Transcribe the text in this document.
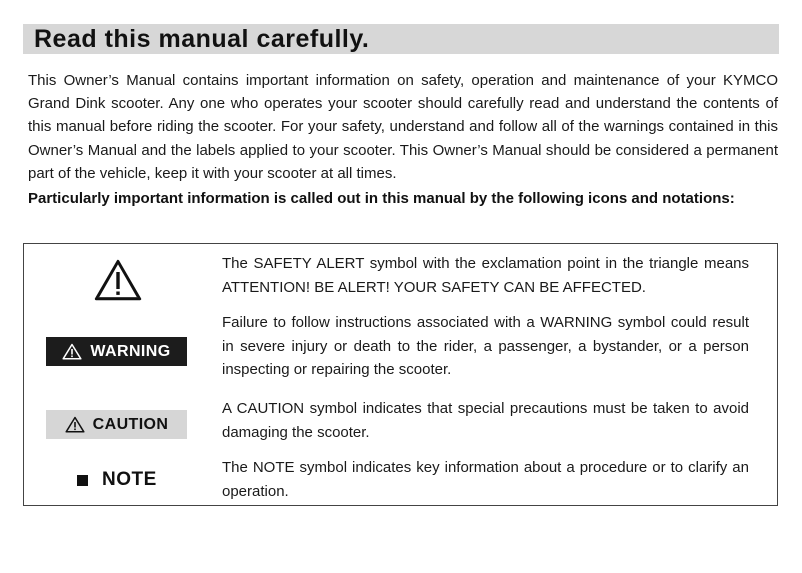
Read this manual carefully.

This Owner’s Manual contains important information on safety, operation and maintenance of your KYMCO Grand Dink scooter. Any one who operates your scooter should carefully read and understand the contents of this manual before riding the scooter. For your safety, understand and follow all of the warnings contained in this Owner’s Manual and the labels applied to your scooter. This Owner’s Manual should be considered a permanent part of the vehicle, keep it with your scooter at all times.

Particularly important information is called out in this manual by the following icons and notations:

The SAFETY ALERT symbol with the exclamation point in the triangle means ATTENTION! BE ALERT! YOUR SAFETY CAN BE AFFECTED.

WARNING

Failure to follow instructions associated with a WARNING symbol could result in severe injury or death to the rider, a passenger, a bystander, or a person inspecting or repairing the scooter.

CAUTION

A CAUTION symbol indicates that special precautions must be taken to avoid damaging the scooter.

NOTE

The NOTE symbol indicates key information about a procedure or to clarify an operation.
